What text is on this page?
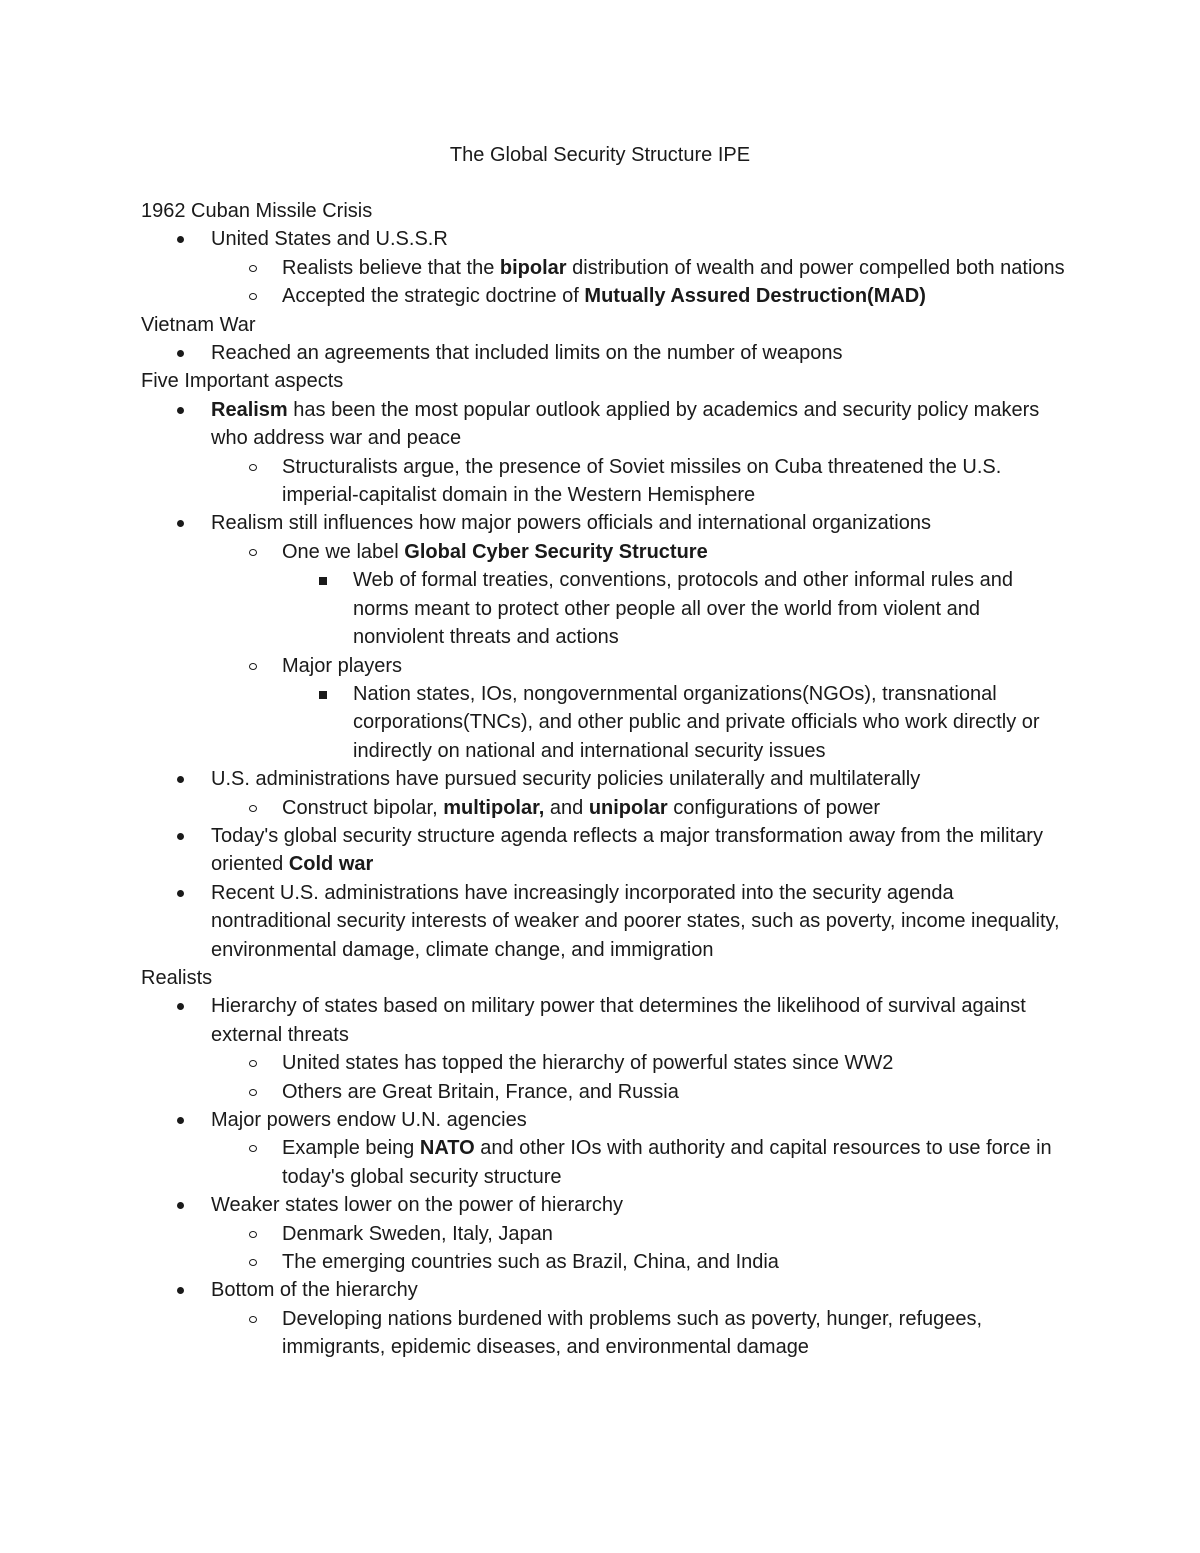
The Global Security Structure IPE
1962 Cuban Missile Crisis
United States and U.S.S.R
Realists believe that the bipolar distribution of wealth and power compelled both nations
Accepted the strategic doctrine of Mutually Assured Destruction(MAD)
Vietnam War
Reached an agreements that included limits on the number of weapons
Five Important aspects
Realism has been the most popular outlook applied by academics and security policy makers who address war and peace
Structuralists argue, the presence of Soviet missiles on Cuba threatened the U.S. imperial-capitalist domain in the Western Hemisphere
Realism still influences how major powers officials and international organizations
One we label Global Cyber Security Structure
Web of formal treaties, conventions, protocols and other informal rules and norms meant to protect other people all over the world from violent and nonviolent threats and actions
Major players
Nation states, IOs, nongovernmental organizations(NGOs), transnational corporations(TNCs), and other public and private officials who work directly or indirectly on national and international security issues
U.S. administrations have pursued security policies unilaterally and multilaterally
Construct bipolar, multipolar, and unipolar configurations of power
Today's global security structure agenda reflects a major transformation away from the military oriented Cold war
Recent U.S. administrations have increasingly incorporated into the security agenda nontraditional security interests of weaker and poorer states, such as poverty, income inequality, environmental damage, climate change, and immigration
Realists
Hierarchy of states based on military power that determines the likelihood of survival against external threats
United states has topped the hierarchy of powerful states since WW2
Others are Great Britain, France, and Russia
Major powers endow U.N. agencies
Example being NATO and other IOs with authority and capital resources to use force in today's global security structure
Weaker states lower on the power of hierarchy
Denmark Sweden, Italy, Japan
The emerging countries such as Brazil, China, and India
Bottom of the hierarchy
Developing nations burdened with problems such as poverty, hunger, refugees, immigrants, epidemic diseases, and environmental damage
